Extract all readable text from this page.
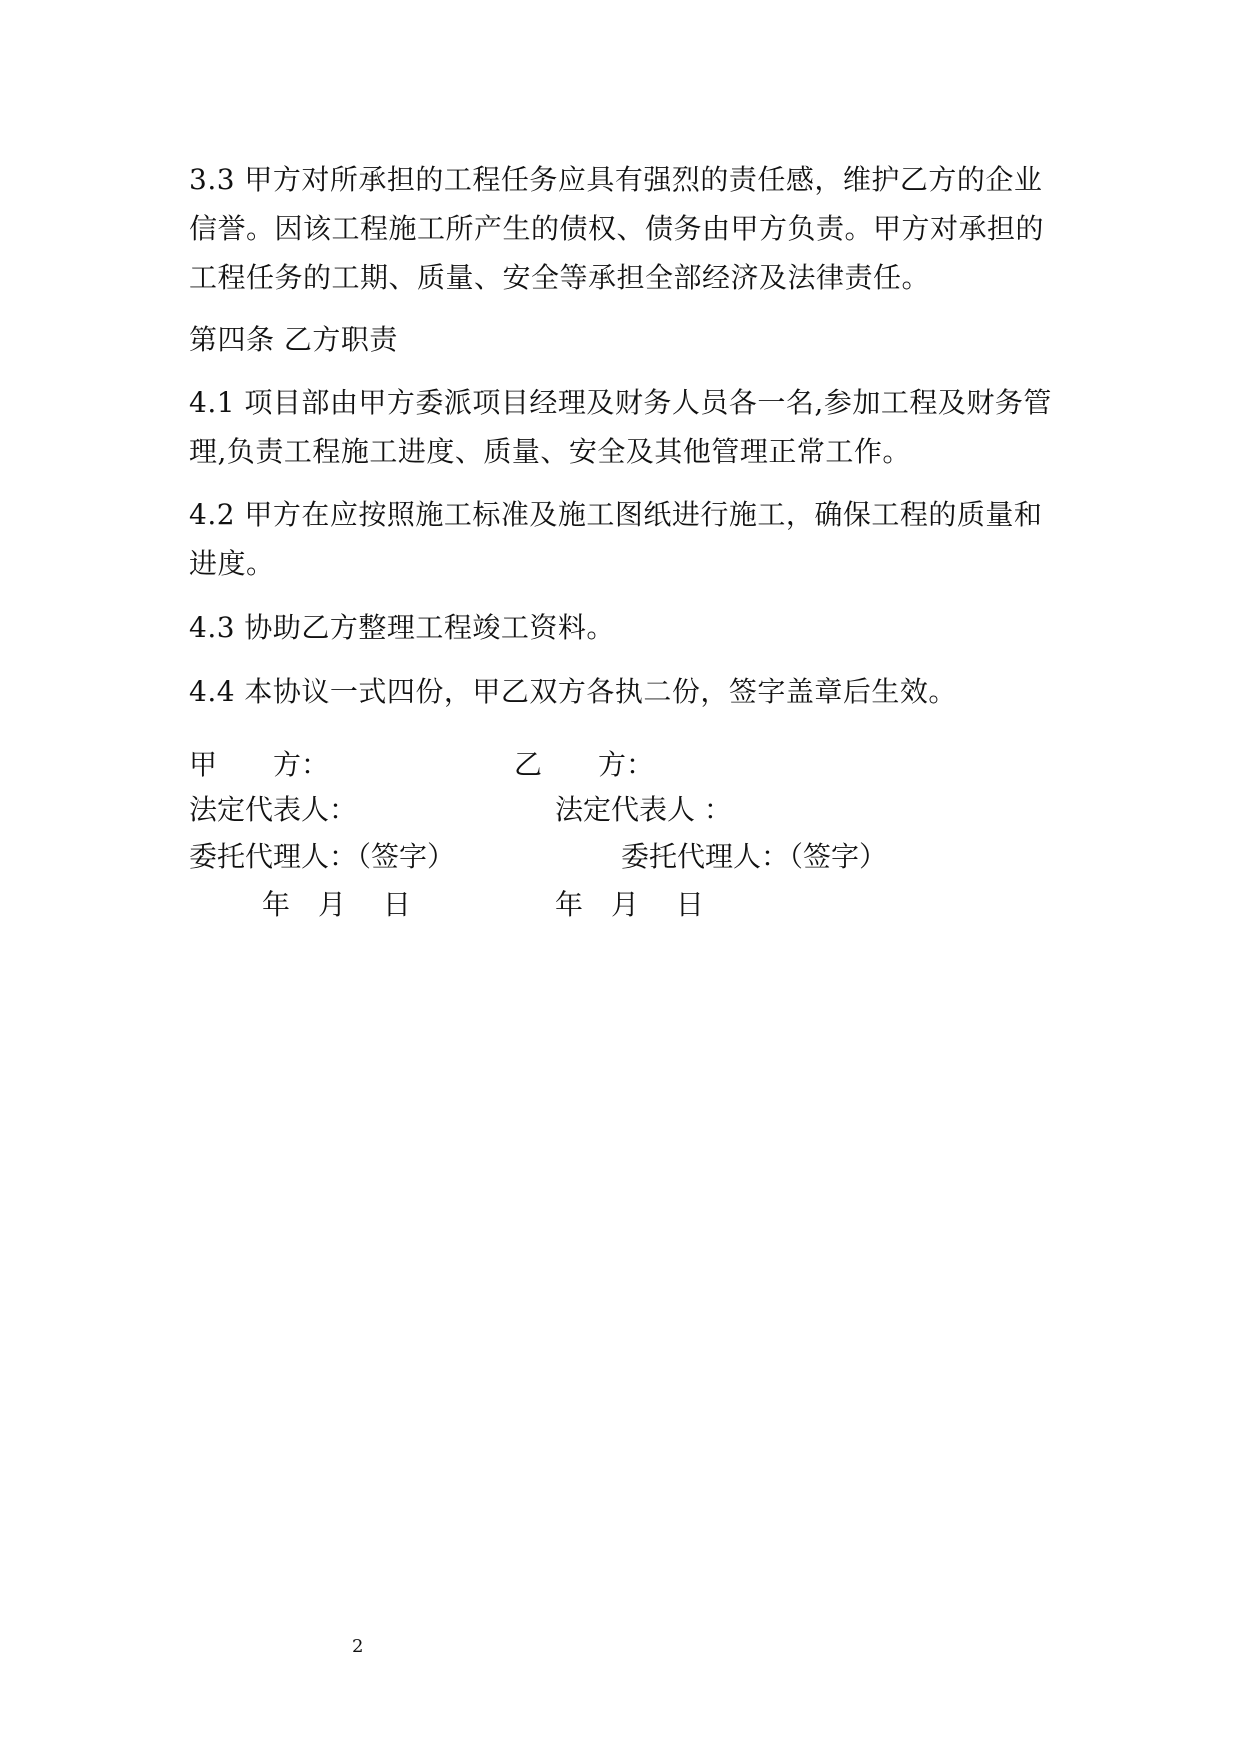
3.3 甲方对所承担的工程任务应具有强烈的责任感，维护乙方的企业信誉。因该工程施工所产生的债权、债务由甲方负责。甲方对承担的工程任务的工期、质量、安全等承担全部经济及法律责任。

第四条 乙方职责

4.1 项目部由甲方委派项目经理及财务人员各一名,参加工程及财务管理,负责工程施工进度、质量、安全及其他管理正常工作。

4.2 甲方在应按照施工标准及施工图纸进行施工，确保工程的质量和进度。

4.3 协助乙方整理工程竣工资料。

4.4 本协议一式四份，甲乙双方各执二份，签字盖章后生效。

甲　　方：	乙　　方：
法定代表人：	法定代表人 ：
委托代理人：（签字）	委托代理人：（签字）
年　月　 日	年　月　 日
2
